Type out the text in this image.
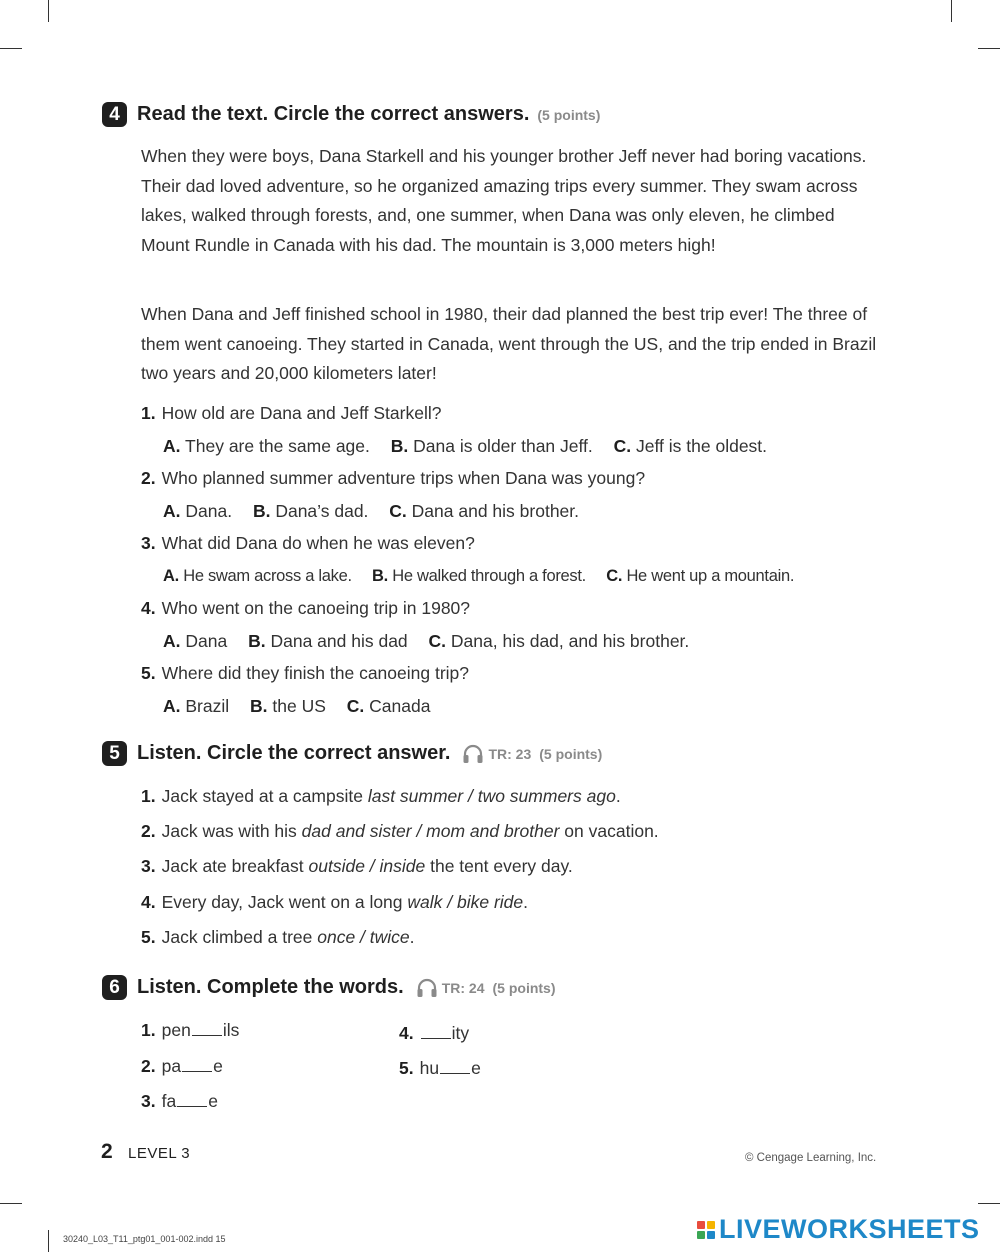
4 Read the text. Circle the correct answers. (5 points)
When they were boys, Dana Starkell and his younger brother Jeff never had boring vacations. Their dad loved adventure, so he organized amazing trips every summer. They swam across lakes, walked through forests, and, one summer, when Dana was only eleven, he climbed Mount Rundle in Canada with his dad. The mountain is 3,000 meters high!
When Dana and Jeff finished school in 1980, their dad planned the best trip ever! The three of them went canoeing. They started in Canada, went through the US, and the trip ended in Brazil two years and 20,000 kilometers later!
1. How old are Dana and Jeff Starkell?
A. They are the same age. B. Dana is older than Jeff. C. Jeff is the oldest.
2. Who planned summer adventure trips when Dana was young?
A. Dana. B. Dana’s dad. C. Dana and his brother.
3. What did Dana do when he was eleven?
A. He swam across a lake. B. He walked through a forest. C. He went up a mountain.
4. Who went on the canoeing trip in 1980?
A. Dana B. Dana and his dad C. Dana, his dad, and his brother.
5. Where did they finish the canoeing trip?
A. Brazil B. the US C. Canada
5 Listen. Circle the correct answer.	TR: 23 (5 points)
1. Jack stayed at a campsite last summer / two summers ago.
2. Jack was with his dad and sister / mom and brother on vacation.
3. Jack ate breakfast outside / inside the tent every day.
4. Every day, Jack went on a long walk / bike ride.
5. Jack climbed a tree once / twice.
6 Listen. Complete the words.	TR: 24 (5 points)
1. pen ils
2. pa e
3. fa e
4. ity
5. hu e
2 LEVEL 3	© Cengage Learning, Inc.
30240_L03_T11_ptg01_001-002.indd 15	LIVEWORKSHEETS
